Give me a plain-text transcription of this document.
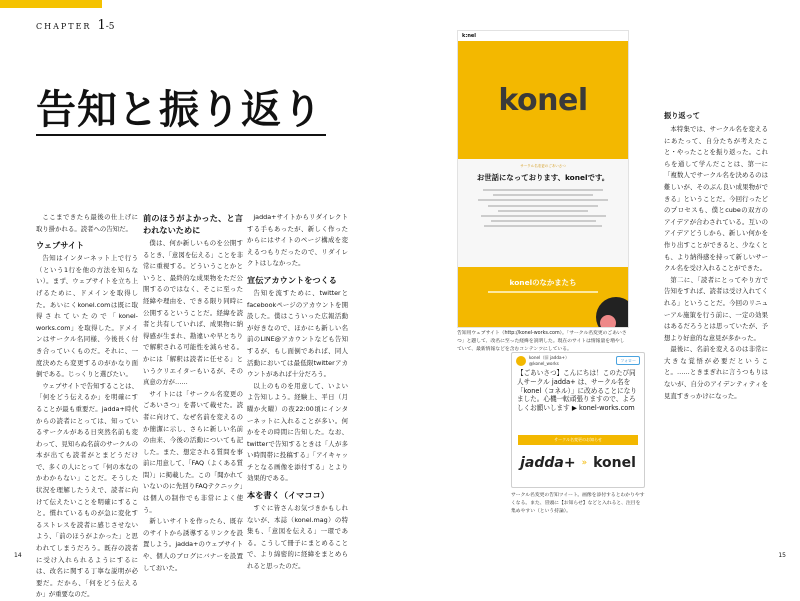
CHAPTER 1-5
告知と振り返り

ここまできたら最後の仕上げに取り掛かれる。読者への告知だ。

ウェブサイト

告知はインターネット上で行う（という1行を他の方法を知らない）。まず、ウェブサイトを立ち上げるために、ドメインを取得した。あいにくkonel.comは既に取得されていたので「konel-works.com」を取得した。ドメインはサークル名同様、今後長く付き合っていくものだ。それに、一度決めたら変更するのがかなり面倒である。じっくりと選びたい。

ウェブサイトで告知することは、「何をどう伝えるか」を明確にすることが最も重要だ。jadda+時代からの読者にとっては、知っているサークルがある日突然名前も変わって、見知らぬ名前のサークルの本が出ても読者がとまどうだけで、多くの人にとって「何の本なのかわからない」ことだ。そうした状況を理解したうえで、読者に向けて伝えたいことを明確にすること。慣れているものが急に変化するストレスを読者に感じさせないよう、「前のほうがよかった」と思われてしまうだろう。既存の読者に受け入れられるようにするには、改名に関する丁寧な説明が必要だ。だから、「何をどう伝えるか」が重要なのだ。

前のほうがよかった、と言われないために

僕は、何か新しいものを公開するとき、「意図を伝える」ことを非常に重視する。どういうことかというと、最終的な成果物をただ公開するのではなく、そこに至った経緯や理由を、できる限り同時に公開するということだ。経緯を読者と共有していれば、成果物に納得感が生まれ、勘違いや早とちりで解釈される可能性を減らせる。かには「解釈は読者に任せる」というクリエイターもいるが、その真意の方が……

サイトには「サークル名変更のごあいさつ」を書いて載せた。読者に向けて、なぜ名前を変えるのか簡潔に示し、さらに新しい名前の由来、今後の活動についても記した。また、想定される質問を事前に用意して、「FAQ（よくある質問）」に掲載した。この「聞かれていないのに先回りFAQテクニック」は個人の制作でも非常によく使う。

新しいサイトを作ったら、既存のサイトから誘導するリンクを設置しよう。jadda+のウェブサイトや、個人のブログにバナーを設置しておいた。

jadda+サイトからリダイレクトする手もあったが、新しく作ったからにはサイトのページ構成を変えるつもりだったので、リダイレクトはしなかった。

宣伝アカウントをつくる

告知を流すために、twitterとfacebookページのアカウントを開設した。僕はこういった広報活動が好きなので、ほかにも新しい名前のLINE@アカウントなども告知するが、もし面倒であれば、同人活動においては最低限twitterアカウントがあれば十分だろう。

以上のものを用意して、いよいよ告知しよう。経験上、平日（月曜か火曜）の夜22:00頃にインターネットに入れることが多い。何かをその時間に告知した。なお、twitterで告知するときは「人が多い時間帯に投稿する」「アイキャッチとなる画像を添付する」とより効果的である。

本を書く（イマココ）

すぐに皆さんお気づきかもしれないが、本誌（konel.mag）の特集も、「意図を伝える」一環である。こうして冊子にまとめることで、より綿密的に経緯をまとめられると思ったのだ。

14
k:nel
konel
サークル名変更のごあいさつ
お世話になっております、konelです。
konelのなかまたち
告知用ウェブサイト（http://konel-works.com）。「サークル名変更のごあいさつ」と題して、改名に至った経緯を説明した。現在のサイトは情報量を増やしていて、最新情報などを含むコンテンツにしている。
konel（旧 jadda+）
@konel_works
フォロー
【ごあいさつ】こんにちは！このたび同人サークル jadda+ は、サークル名を「konel（コネル）」に改めることになりました。心機一転頑張りますので、よろしくお願いします ▶ konel-works.com
サークル名変更のお知らせ
jadda+ » konel
サークル名変更の告知ツイート。画像を添付するとわかりやすくなる。また、冒頭に【お知らせ】などと入れると、注目を集めやすい（という持論）。
振り返って

本特集では、サークル名を変えるにあたって、自分たちが考えたこと・やったことを振り返った。これらを通して学んだことは、第一に「複数人でサークル名を決めるのは難しいが、そのぶん良い成果物ができる」ということだ。今回行ったどのプロセスも、僕とcubeの双方のアイデアが合わされている。互いのアイデアどうしから、新しい何かを作り出すことができると、少なくとも、より納得感を持って新しいサークル名を受け入れることができた。

第二に、「読者にとってやり方で告知をすれば、読者は受け入れてくれる」ということだ。今回のリニューアル施策を行う前に、一定の効果はあるだろうとは思っていたが、予想より好意的な意見が多かった。

最後に、名前を変えるのは非常に大きな覚悟が必要だということ。……ときまぎれに言うつもりはないが、自分のアイデンティティを見直すきっかけになった。

15
